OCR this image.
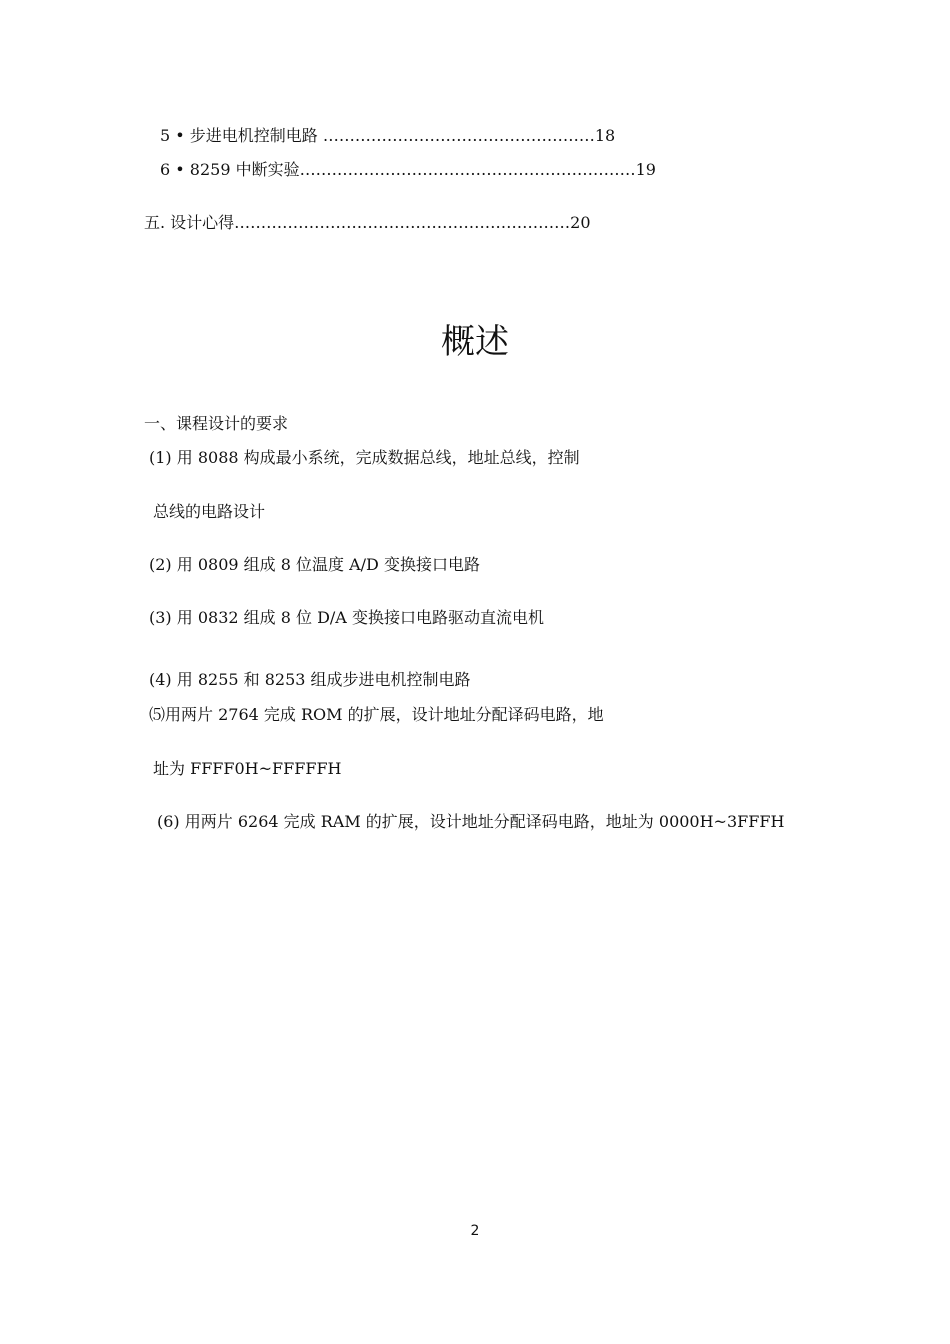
5 • 步进电机控制电路 ……………………………………………18
6 • 8259 中断实验………………………………………………………19
五. 设计心得………………………………………………………20
概述
一、课程设计的要求
(1) 用 8088 构成最小系统，完成数据总线，地址总线，控制
总线的电路设计
(2) 用 0809 组成 8 位温度 A/D 变换接口电路
(3) 用 0832 组成 8 位 D/A 变换接口电路驱动直流电机
(4) 用 8255 和 8253 组成步进电机控制电路
⑸用两片 2764 完成 ROM 的扩展，设计地址分配译码电路，地
址为 FFFF0H~FFFFFH
(6) 用两片 6264 完成 RAM 的扩展，设计地址分配译码电路，地址为 0000H~3FFFH
2
